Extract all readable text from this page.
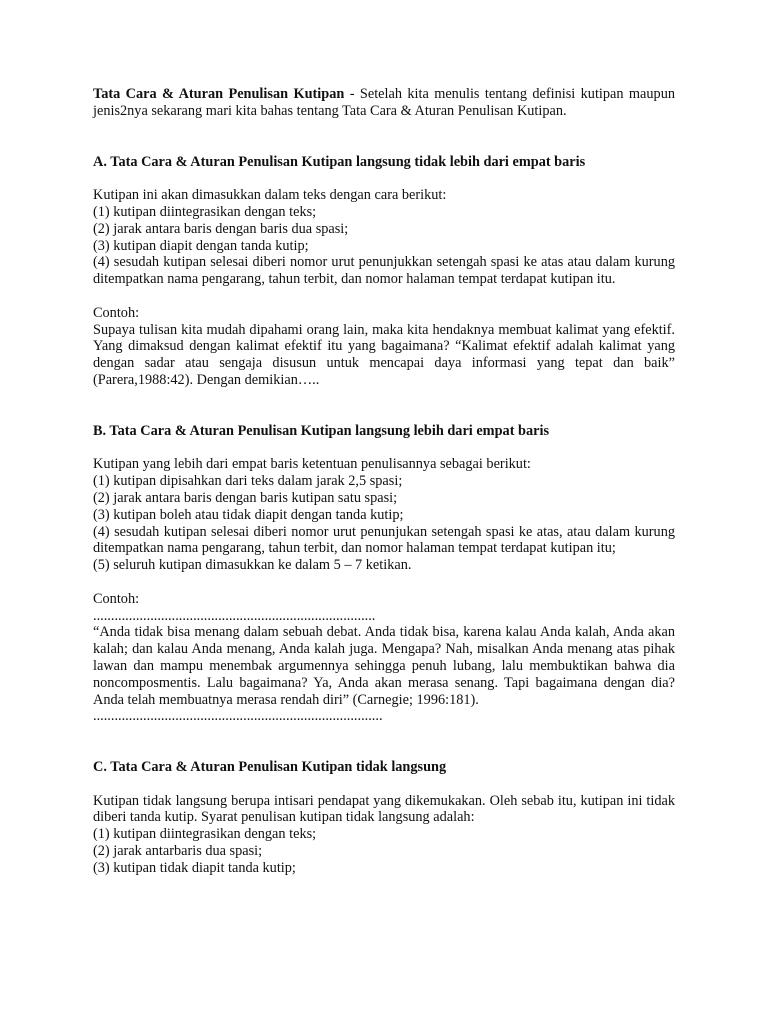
Tata Cara & Aturan Penulisan Kutipan - Setelah kita menulis tentang definisi kutipan maupun jenis2nya sekarang mari kita bahas tentang Tata Cara & Aturan Penulisan Kutipan.

A. Tata Cara & Aturan Penulisan Kutipan langsung tidak lebih dari empat baris

Kutipan ini akan dimasukkan dalam teks dengan cara berikut:

(1) kutipan diintegrasikan dengan teks;

(2) jarak antara baris dengan baris dua spasi;

(3) kutipan diapit dengan tanda kutip;

(4) sesudah kutipan selesai diberi nomor urut penunjukkan setengah spasi ke atas atau dalam kurung ditempatkan nama pengarang, tahun terbit, dan nomor halaman tempat terdapat kutipan itu.

Contoh:

Supaya tulisan kita mudah dipahami orang lain, maka kita hendaknya membuat kalimat yang efektif. Yang dimaksud dengan kalimat efektif itu yang bagaimana? “Kalimat efektif adalah kalimat yang dengan sadar atau sengaja disusun untuk mencapai daya informasi yang tepat dan baik” (Parera,1988:42). Dengan demikian…..

B. Tata Cara & Aturan Penulisan Kutipan langsung lebih dari empat baris

Kutipan yang lebih dari empat baris ketentuan penulisannya sebagai berikut:

(1) kutipan dipisahkan dari teks dalam jarak 2,5 spasi;

(2) jarak antara baris dengan baris kutipan satu spasi;

(3) kutipan boleh atau tidak diapit dengan tanda kutip;

(4) sesudah kutipan selesai diberi nomor urut penunjukan setengah spasi ke atas, atau dalam kurung ditempatkan nama pengarang, tahun terbit, dan nomor halaman tempat terdapat kutipan itu;

(5) seluruh kutipan dimasukkan ke dalam 5 – 7 ketikan.

Contoh:

...............................................................................

“Anda tidak bisa menang dalam sebuah debat. Anda tidak bisa, karena kalau Anda kalah, Anda akan kalah; dan kalau Anda menang, Anda kalah juga. Mengapa? Nah, misalkan Anda menang atas pihak lawan dan mampu menembak argumennya sehingga penuh lubang, lalu membuktikan bahwa dia noncomposmentis. Lalu bagaimana? Ya, Anda akan merasa senang. Tapi bagaimana dengan dia? Anda telah membuatnya merasa rendah diri” (Carnegie; 1996:181).

.................................................................................
C. Tata Cara & Aturan Penulisan Kutipan tidak langsung

Kutipan tidak langsung berupa intisari pendapat yang dikemukakan. Oleh sebab itu, kutipan ini tidak diberi tanda kutip. Syarat penulisan kutipan tidak langsung adalah:

(1) kutipan diintegrasikan dengan teks;

(2) jarak antarbaris dua spasi;

(3) kutipan tidak diapit tanda kutip;
